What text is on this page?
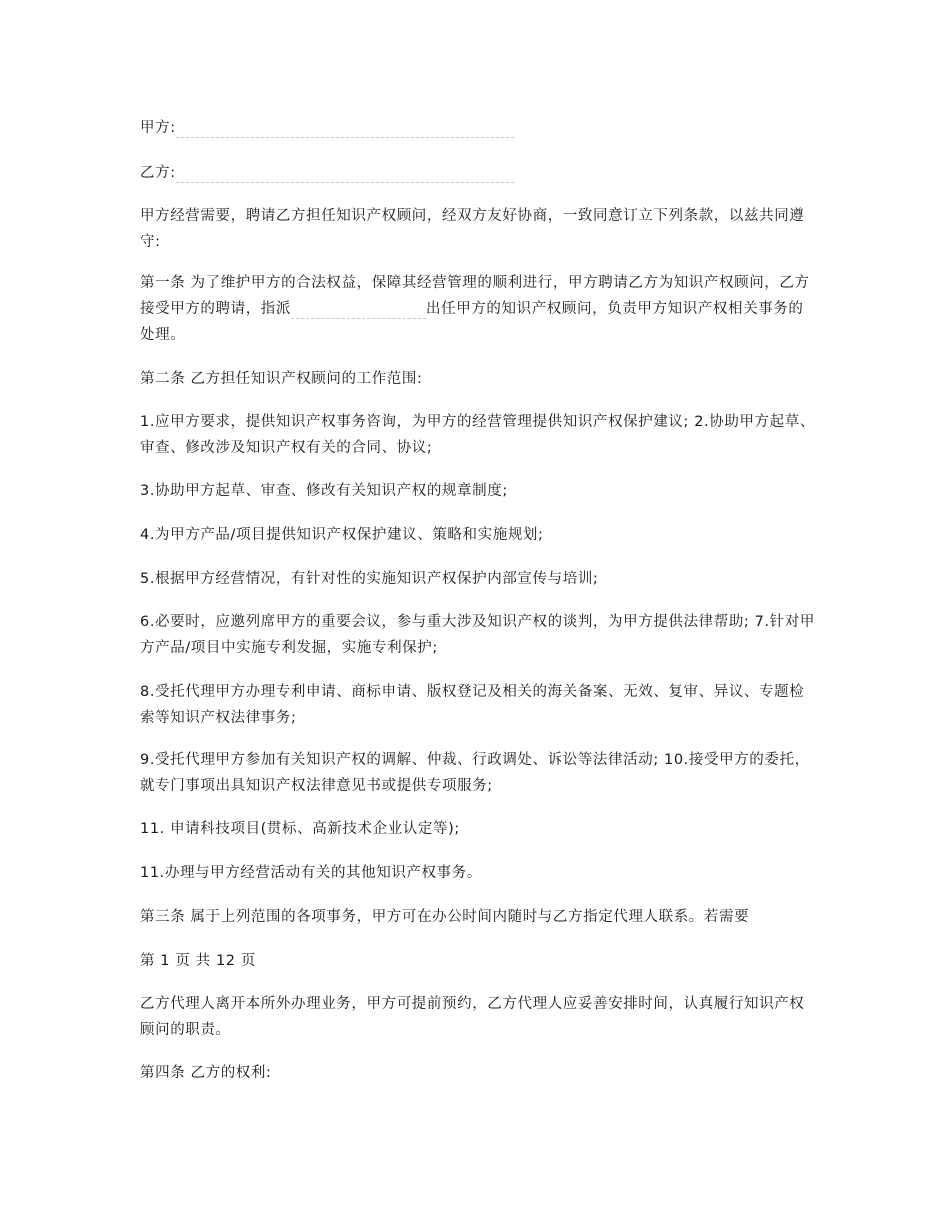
甲方:

乙方:

甲方经营需要，聘请乙方担任知识产权顾问，经双方友好协商，一致同意订立下列条款，以兹共同遵守:

第一条 为了维护甲方的合法权益，保障其经营管理的顺利进行，甲方聘请乙方为知识产权顾问，乙方接受甲方的聘请，指派	出任甲方的知识产权顾问，负责甲方知识产权相关事务的处理。

第二条 乙方担任知识产权顾问的工作范围:

1.应甲方要求，提供知识产权事务咨询，为甲方的经营管理提供知识产权保护建议; 2.协助甲方起草、审查、修改涉及知识产权有关的合同、协议;

3.协助甲方起草、审查、修改有关知识产权的规章制度;

4.为甲方产品/项目提供知识产权保护建议、策略和实施规划;

5.根据甲方经营情况，有针对性的实施知识产权保护内部宣传与培训;

6.必要时，应邀列席甲方的重要会议，参与重大涉及知识产权的谈判，为甲方提供法律帮助; 7.针对甲方产品/项目中实施专利发掘，实施专利保护;

8.受托代理甲方办理专利申请、商标申请、版权登记及相关的海关备案、无效、复审、异议、专题检索等知识产权法律事务;

9.受托代理甲方参加有关知识产权的调解、仲裁、行政调处、诉讼等法律活动; 10.接受甲方的委托，就专门事项出具知识产权法律意见书或提供专项服务;

11. 申请科技项目(贯标、高新技术企业认定等);

11.办理与甲方经营活动有关的其他知识产权事务。

第三条 属于上列范围的各项事务，甲方可在办公时间内随时与乙方指定代理人联系。若需要

第 1 页 共 12 页

乙方代理人离开本所外办理业务，甲方可提前预约，乙方代理人应妥善安排时间，认真履行知识产权顾问的职责。

第四条 乙方的权利:
